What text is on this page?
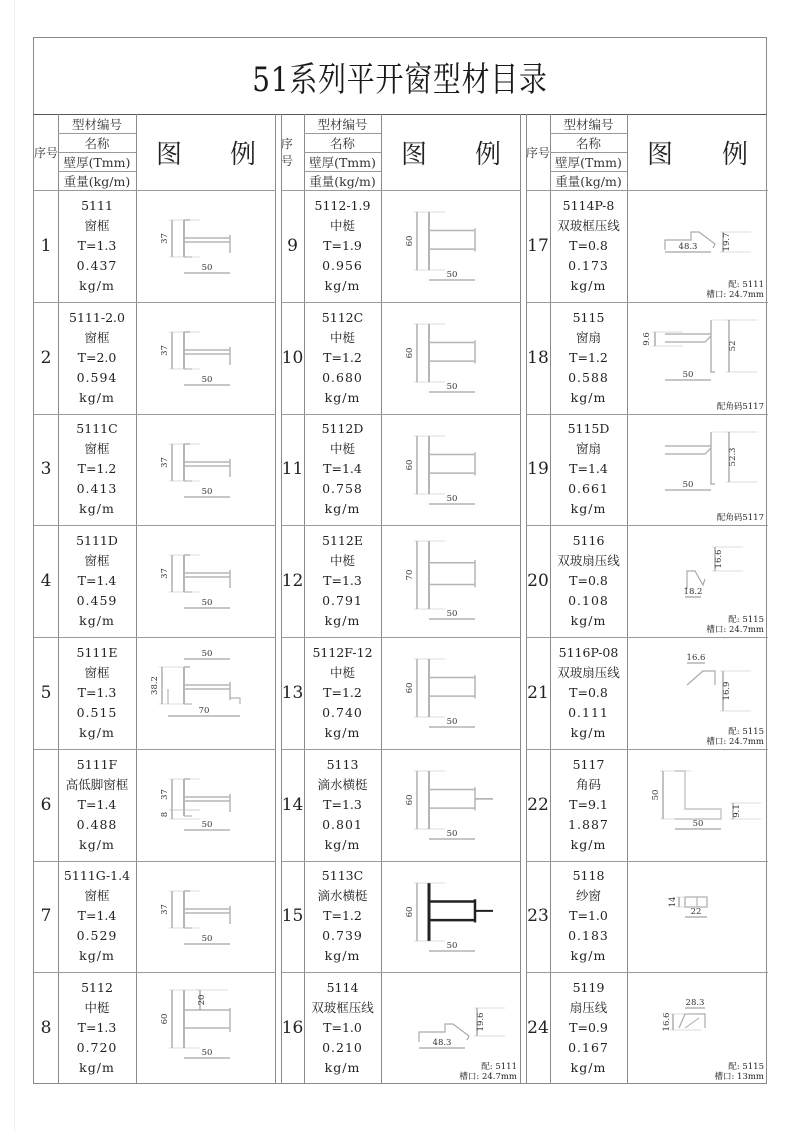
51系列平开窗型材目录
序号
型材编号
名称
壁厚(Tmm)
重量(kg/m)
图 例
1
5111
窗框
T=1.3
0.437 kg/m
37
50
2
5111-2.0
窗框
T=2.0
0.594 kg/m
37
50
3
5111C
窗框
T=1.2
0.413 kg/m
37
50
4
5111D
窗框
T=1.4
0.459 kg/m
37
50
5
5111E
窗框
T=1.3
0.515 kg/m
38.2
50
70
6
5111F
高低脚窗框
T=1.4
0.488 kg/m
37
8
50
7
5111G-1.4
窗框
T=1.4
0.529 kg/m
37
50
8
5112
中梃
T=1.3
0.720 kg/m
60
20
50
序号
型材编号
名称
壁厚(Tmm)
重量(kg/m)
图 例
9
5112-1.9
中梃
T=1.9
0.956 kg/m
60
50
10
5112C
中梃
T=1.2
0.680 kg/m
60
50
11
5112D
中梃
T=1.4
0.758 kg/m
60
50
12
5112E
中梃
T=1.3
0.791 kg/m
70
50
13
5112F-12
中梃
T=1.2
0.740 kg/m
60
50
14
5113
滴水横梃
T=1.3
0.801 kg/m
60
50
15
5113C
滴水横梃
T=1.2
0.739 kg/m
60
50
16
5114
双玻框压线
T=1.0
0.210 kg/m
48.3
19.6
配: 5111
槽口: 24.7mm
序号
型材编号
名称
壁厚(Tmm)
重量(kg/m)
图 例
17
5114P-8
双玻框压线
T=0.8
0.173 kg/m
48.3	19.7
配: 5111
槽口: 24.7mm
18
5115
窗扇
T=1.2
0.588 kg/m
9.6
52
50
配角码5117
19
5115D
窗扇
T=1.4
0.661 kg/m
52.3
50
配角码5117
20
5116
双玻扇压线
T=0.8
0.108 kg/m
16.6
18.2
配: 5115
槽口: 24.7mm
21
5116P-08
双玻扇压线
T=0.8
0.111 kg/m
16.6
16.9
配: 5115
槽口: 24.7mm
22
5117
角码
T=9.1
1.887 kg/m
50
9.1
50
23
5118
纱窗
T=1.0
0.183 kg/m
14
22
24
5119
扇压线
T=0.9
0.167 kg/m
28.3
16.6
配: 5115
槽口: 13mm
